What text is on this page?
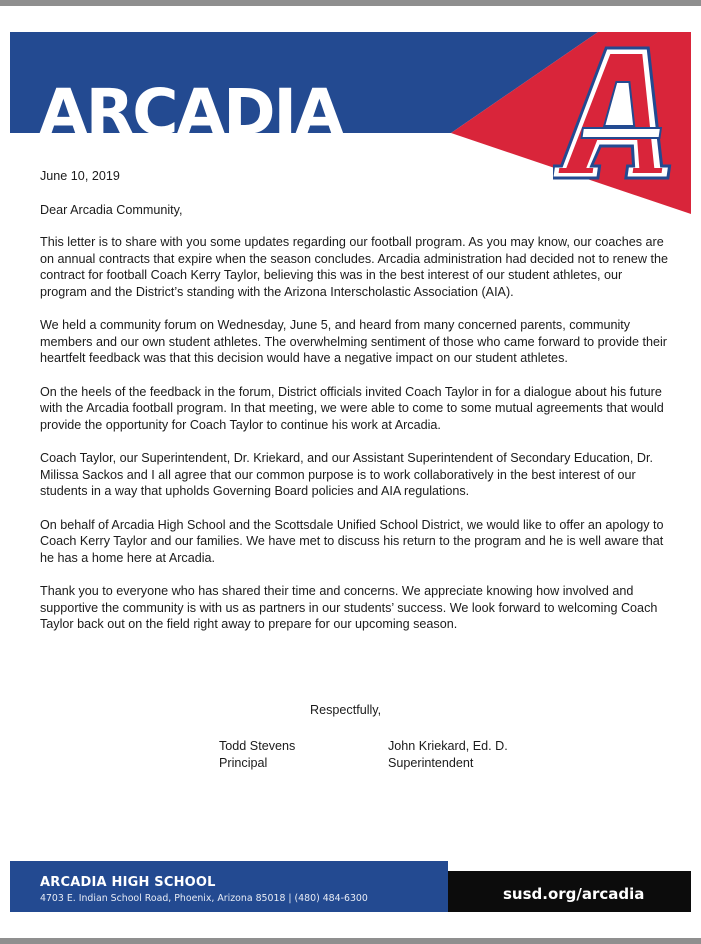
ARCADIA

June 10, 2019

Dear Arcadia Community,

This letter is to share with you some updates regarding our football program. As you may know, our coaches are on annual contracts that expire when the season concludes. Arcadia administration had decided not to renew the contract for football Coach Kerry Taylor, believing this was in the best interest of our student athletes, our program and the District’s standing with the Arizona Interscholastic Association (AIA).

We held a community forum on Wednesday, June 5, and heard from many concerned parents, community members and our own student athletes. The overwhelming sentiment of those who came forward to provide their heartfelt feedback was that this decision would have a negative impact on our student athletes.

On the heels of the feedback in the forum, District officials invited Coach Taylor in for a dialogue about his future with the Arcadia football program. In that meeting, we were able to come to some mutual agreements that would provide the opportunity for Coach Taylor to continue his work at Arcadia.

Coach Taylor, our Superintendent, Dr. Kriekard, and our Assistant Superintendent of Secondary Education, Dr. Milissa Sackos and I all agree that our common purpose is to work collaboratively in the best interest of our students in a way that upholds Governing Board policies and AIA regulations.

On behalf of Arcadia High School and the Scottsdale Unified School District, we would like to offer an apology to Coach Kerry Taylor and our families. We have met to discuss his return to the program and he is well aware that he has a home here at Arcadia.

Thank you to everyone who has shared their time and concerns. We appreciate knowing how involved and supportive the community is with us as partners in our students’ success. We look forward to welcoming Coach Taylor back out on the field right away to prepare for our upcoming season.

Respectfully,
Todd Stevens
Principal
John Kriekard, Ed. D.
Superintendent
ARCADIA HIGH SCHOOL
4703 E. Indian School Road, Phoenix, Arizona 85018 | (480) 484-6300	susd.org/arcadia
